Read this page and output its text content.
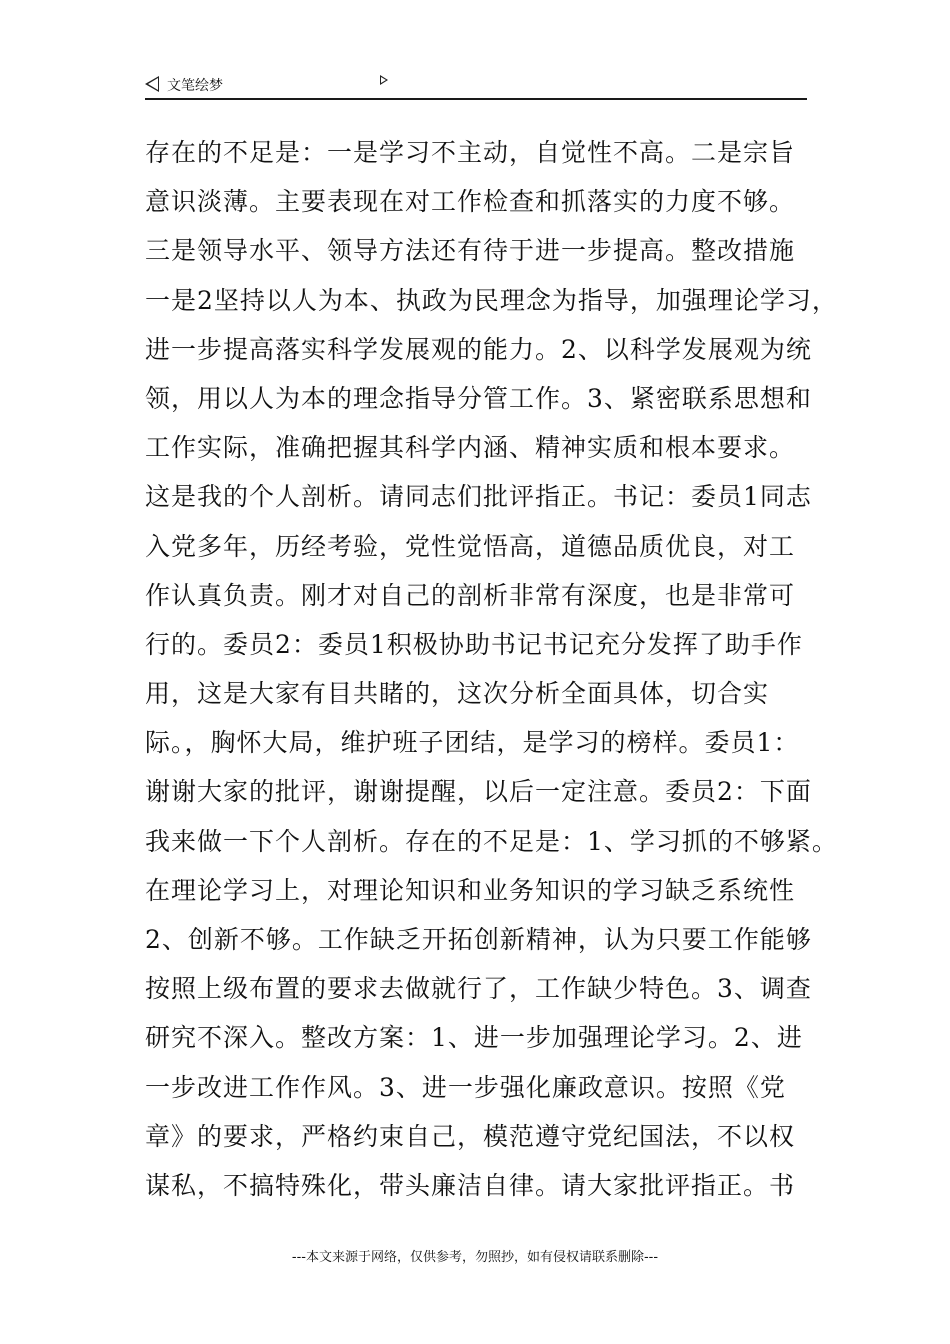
文笔绘梦
存在的不足是：一是学习不主动，自觉性不高。二是宗旨
意识淡薄。主要表现在对工作检查和抓落实的力度不够。
三是领导水平、领导方法还有待于进一步提高。整改措施
一是2坚持以人为本、执政为民理念为指导，加强理论学习，
进一步提高落实科学发展观的能力。2、以科学发展观为统
领，用以人为本的理念指导分管工作。3、紧密联系思想和
工作实际，准确把握其科学内涵、精神实质和根本要求。
这是我的个人剖析。请同志们批评指正。书记：委员1同志
入党多年，历经考验，党性觉悟高，道德品质优良，对工
作认真负责。刚才对自己的剖析非常有深度，也是非常可
行的。委员2：委员1积极协助书记书记充分发挥了助手作
用，这是大家有目共睹的，这次分析全面具体，切合实
际。，胸怀大局，维护班子团结，是学习的榜样。委员1：
谢谢大家的批评，谢谢提醒，以后一定注意。委员2：下面
我来做一下个人剖析。存在的不足是：1、学习抓的不够紧。
在理论学习上，对理论知识和业务知识的学习缺乏系统性
2、创新不够。工作缺乏开拓创新精神，认为只要工作能够
按照上级布置的要求去做就行了，工作缺少特色。3、调查
研究不深入。整改方案：1、进一步加强理论学习。2、进
一步改进工作作风。3、进一步强化廉政意识。按照《党
章》的要求，严格约束自己，模范遵守党纪国法，不以权
谋私，不搞特殊化，带头廉洁自律。请大家批评指正。书
---本文来源于网络，仅供参考，勿照抄，如有侵权请联系删除---
